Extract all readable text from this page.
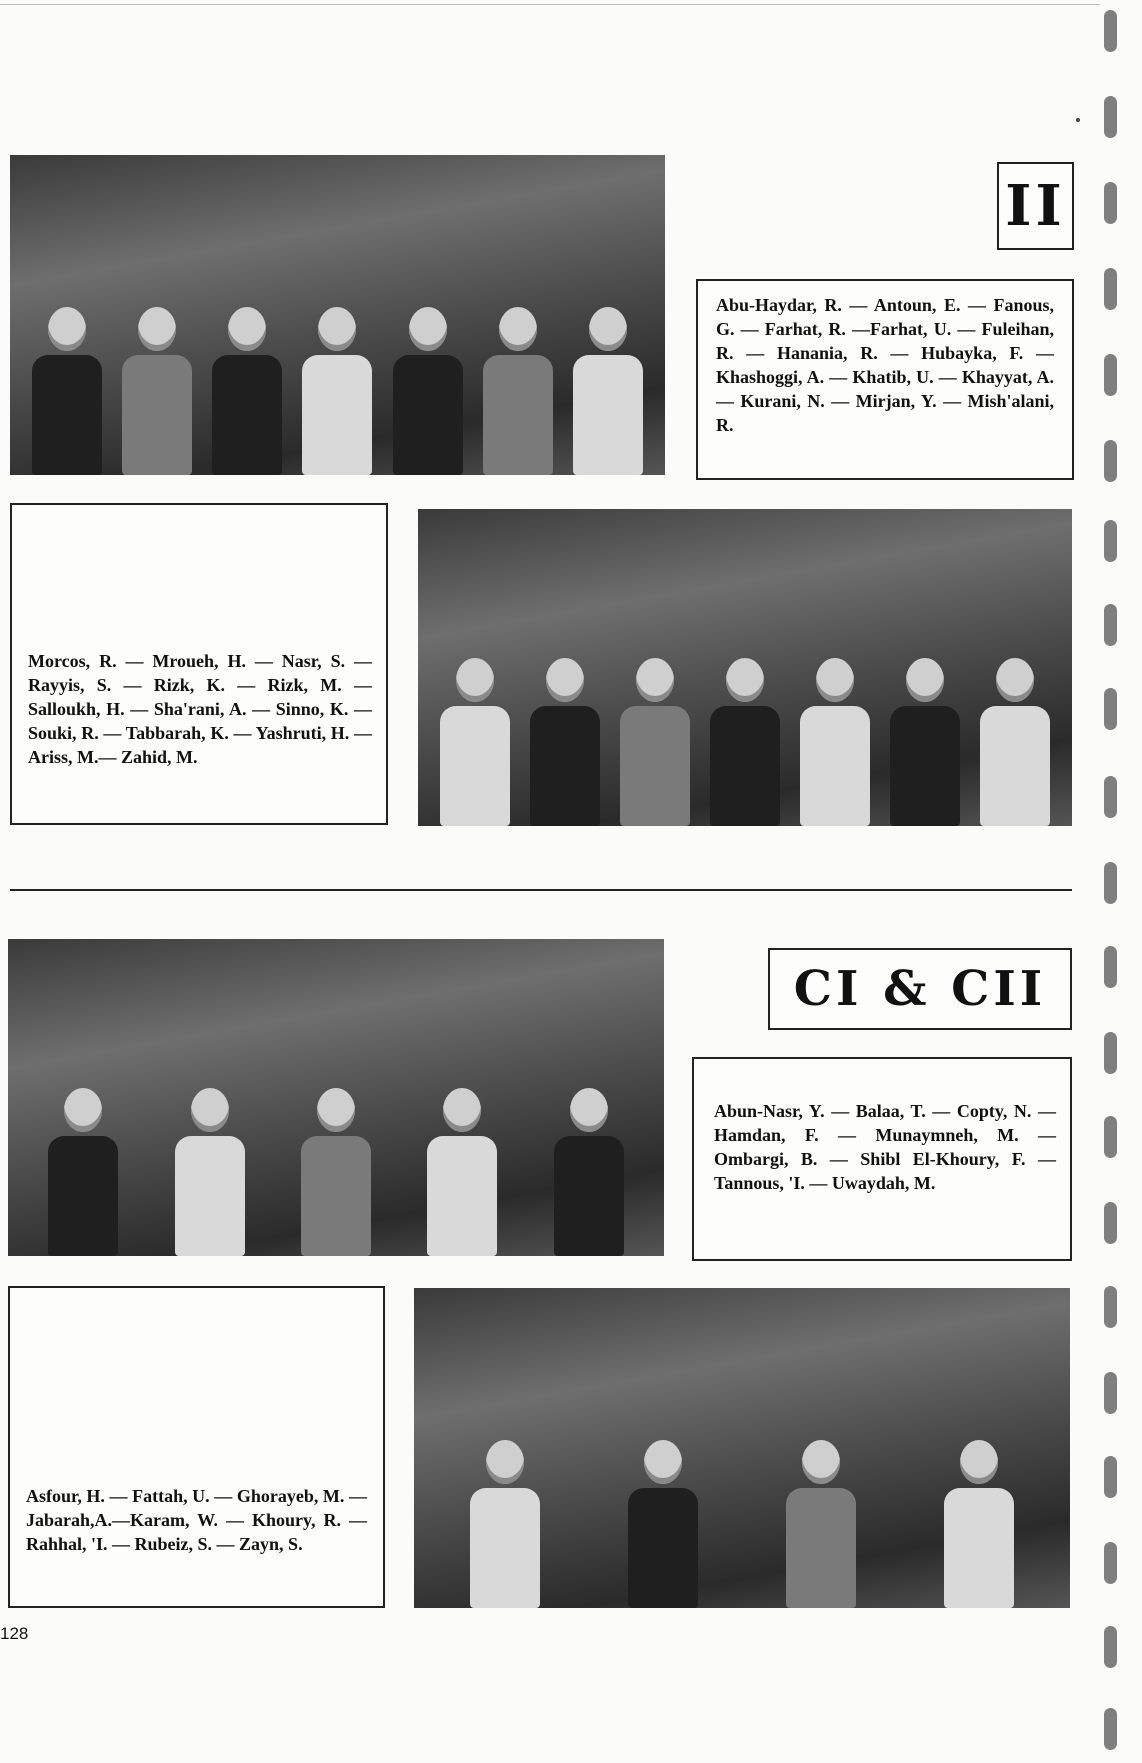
II

Abu-Haydar, R. — Antoun, E. — Fanous, G. — Farhat, R. —Farhat, U. — Fuleihan, R. — Hanania, R. — Hubayka, F. — Khashoggi, A. — Khatib, U. — Khayyat, A. — Kurani, N. — Mirjan, Y. — Mish'alani, R.

Morcos, R. — Mroueh, H. — Nasr, S. — Rayyis, S. — Rizk, K. — Rizk, M. — Salloukh, H. — Sha'rani, A. — Sinno, K. — Souki, R. — Tabbarah, K. — Yashruti, H. — Ariss, M.— Zahid, M.

CI & CII

Abun-Nasr, Y. — Balaa, T. — Copty, N. — Hamdan, F. — Munaymneh, M. — Ombargi, B. — Shibl El-Khoury, F. — Tannous, 'I. — Uwaydah, M.

Asfour, H. — Fattah, U. — Ghorayeb, M. — Jabarah,A.—Karam, W. — Khoury, R. — Rahhal, 'I. — Rubeiz, S. — Zayn, S.

128
